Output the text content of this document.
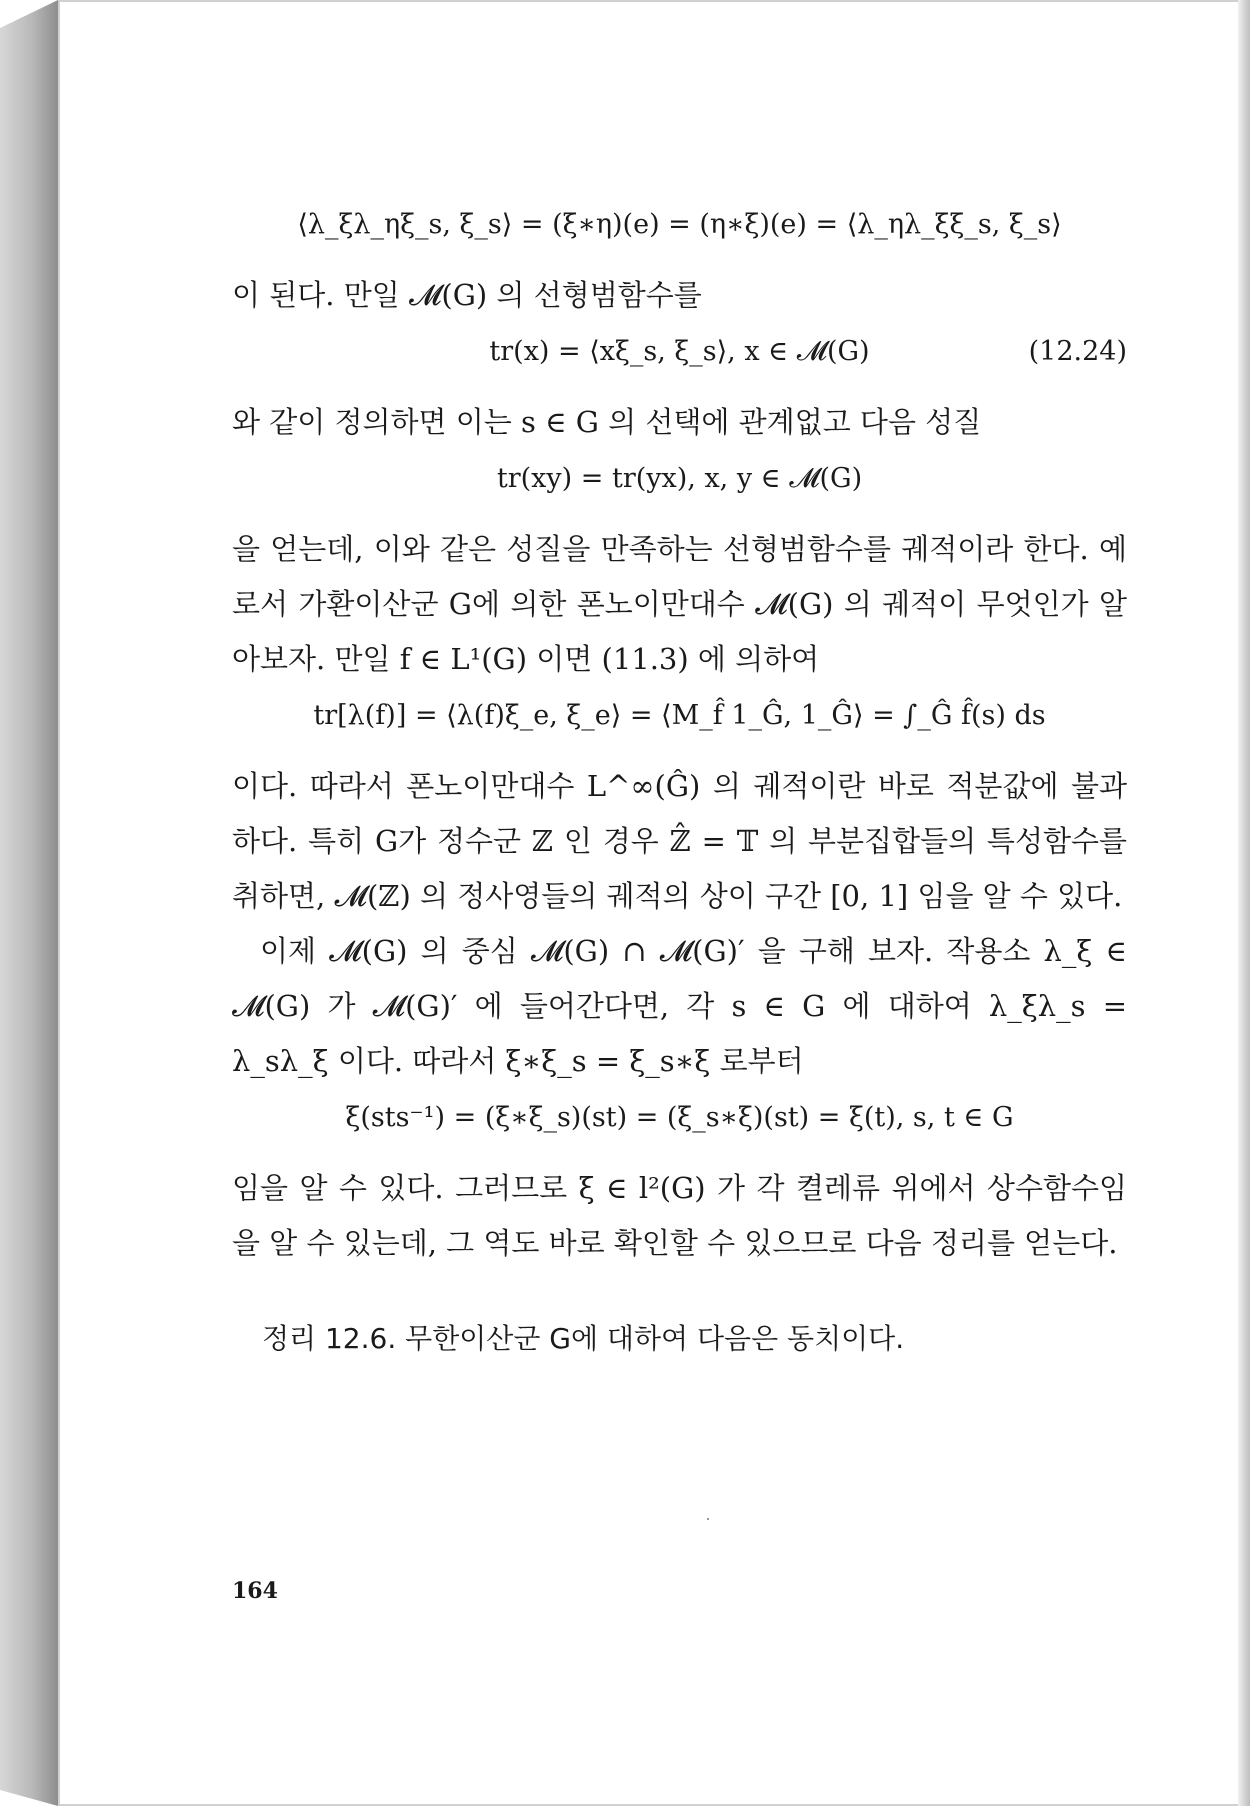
⟨λ_ξλ_ηξ_s, ξ_s⟩ = (ξ∗η)(e) = (η∗ξ)(e) = ⟨λ_ηλ_ξξ_s, ξ_s⟩

이 된다. 만일 𝓜(G) 의 선형범함수를

tr(x) = ⟨xξ_s, ξ_s⟩, x ∈ 𝓜(G)	(12.24)

와 같이 정의하면 이는 s ∈ G 의 선택에 관계없고 다음 성질

tr(xy) = tr(yx), x, y ∈ 𝓜(G)

을 얻는데, 이와 같은 성질을 만족하는 선형범함수를 궤적이라 한다. 예로서 가환이산군 G에 의한 폰노이만대수 𝓜(G) 의 궤적이 무엇인가 알아보자. 만일 f ∈ L¹(G) 이면 (11.3) 에 의하여

tr[λ(f)] = ⟨λ(f)ξ_e, ξ_e⟩ = ⟨M_f̂ 1_Ĝ, 1_Ĝ⟩ = ∫_Ĝ f̂(s) ds

이다. 따라서 폰노이만대수 L^∞(Ĝ) 의 궤적이란 바로 적분값에 불과하다. 특히 G가 정수군 ℤ 인 경우 ℤ̂ = 𝕋 의 부분집합들의 특성함수를 취하면, 𝓜(ℤ) 의 정사영들의 궤적의 상이 구간 [0, 1] 임을 알 수 있다.

이제 𝓜(G) 의 중심 𝓜(G) ∩ 𝓜(G)′ 을 구해 보자. 작용소 λ_ξ ∈ 𝓜(G) 가 𝓜(G)′ 에 들어간다면, 각 s ∈ G 에 대하여 λ_ξλ_s = λ_sλ_ξ 이다. 따라서 ξ∗ξ_s = ξ_s∗ξ 로부터

ξ(sts⁻¹) = (ξ∗ξ_s)(st) = (ξ_s∗ξ)(st) = ξ(t), s, t ∈ G

임을 알 수 있다. 그러므로 ξ ∈ l²(G) 가 각 켤레류 위에서 상수함수임을 알 수 있는데, 그 역도 바로 확인할 수 있으므로 다음 정리를 얻는다.

정리 12.6. 무한이산군 G에 대하여 다음은 동치이다.
164
